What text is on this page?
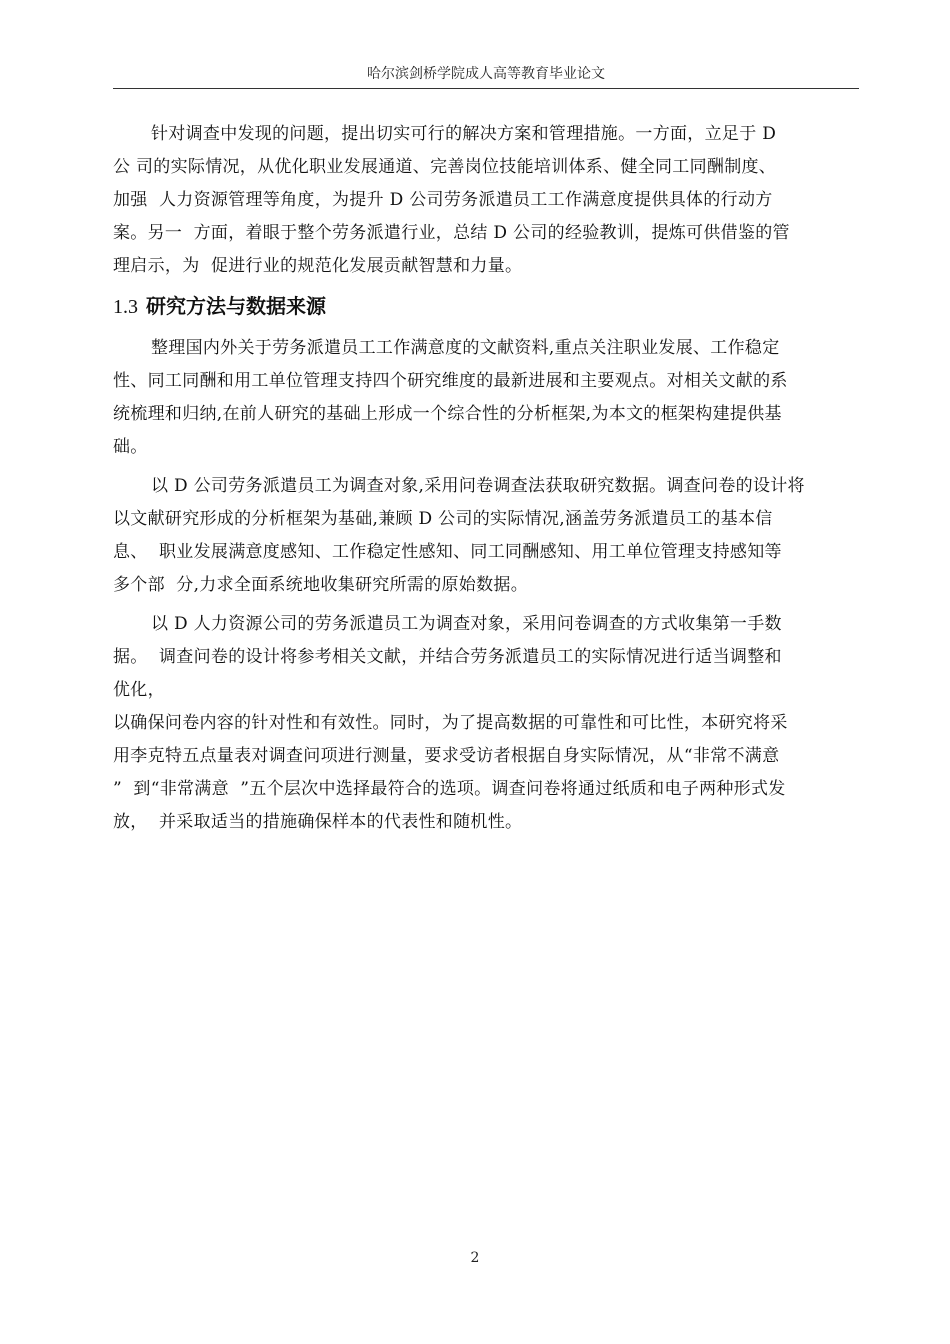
哈尔滨剑桥学院成人高等教育毕业论文

针对调查中发现的问题，提出切实可行的解决方案和管理措施。一方面，立足于 D
公 司的实际情况，从优化职业发展通道、完善岗位技能培训体系、健全同工同酬制度、
加强  人力资源管理等角度，为提升 D 公司劳务派遣员工工作满意度提供具体的行动方
案。另一  方面，着眼于整个劳务派遣行业，总结 D 公司的经验教训，提炼可供借鉴的管
理启示，为  促进行业的规范化发展贡献智慧和力量。

1.3 研究方法与数据来源

整理国内外关于劳务派遣员工工作满意度的文献资料,重点关注职业发展、工作稳定
性、同工同酬和用工单位管理支持四个研究维度的最新进展和主要观点。对相关文献的系
统梳理和归纳,在前人研究的基础上形成一个综合性的分析框架,为本文的框架构建提供基
础。

以 D 公司劳务派遣员工为调查对象,采用问卷调查法获取研究数据。调查问卷的设计将
以文献研究形成的分析框架为基础,兼顾 D 公司的实际情况,涵盖劳务派遣员工的基本信
息、  职业发展满意度感知、工作稳定性感知、同工同酬感知、用工单位管理支持感知等
多个部  分,力求全面系统地收集研究所需的原始数据。

以 D 人力资源公司的劳务派遣员工为调查对象，采用问卷调查的方式收集第一手数
据。  调查问卷的设计将参考相关文献，并结合劳务派遣员工的实际情况进行适当调整和
优化，

以确保问卷内容的针对性和有效性。同时，为了提高数据的可靠性和可比性，本研究将采
用李克特五点量表对调查问项进行测量，要求受访者根据自身实际情况，从“非常不满意
”  到“非常满意  ”五个层次中选择最符合的选项。调查问卷将通过纸质和电子两种形式发
放，  并采取适当的措施确保样本的代表性和随机性。

2
